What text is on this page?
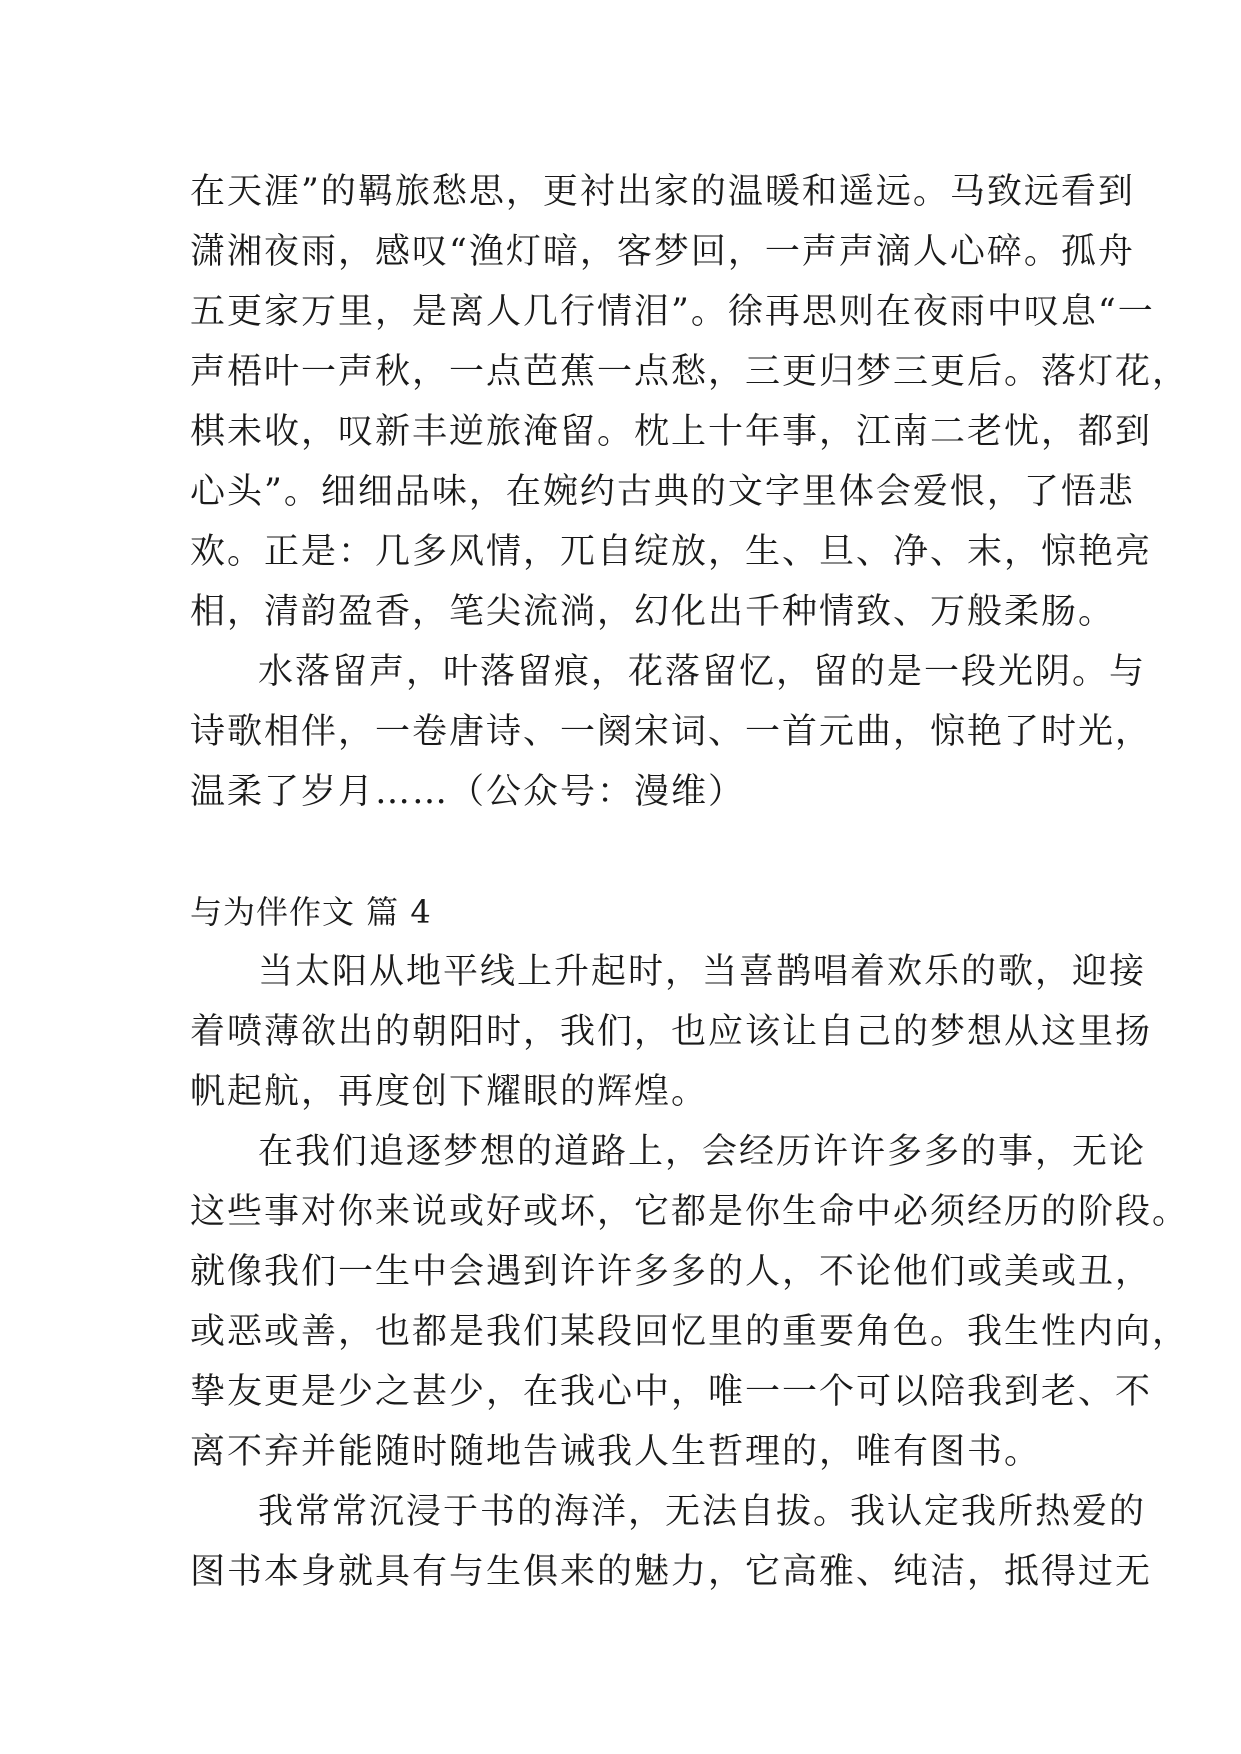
在天涯”的羁旅愁思，更衬出家的温暖和遥远。马致远看到
潇湘夜雨，感叹“渔灯暗，客梦回，一声声滴人心碎。孤舟
五更家万里，是离人几行情泪”。徐再思则在夜雨中叹息“一
声梧叶一声秋，一点芭蕉一点愁，三更归梦三更后。落灯花，
棋未收，叹新丰逆旅淹留。枕上十年事，江南二老忧，都到
心头”。细细品味，在婉约古典的文字里体会爱恨，了悟悲
欢。正是：几多风情，兀自绽放，生、旦、净、末，惊艳亮
相，清韵盈香，笔尖流淌，幻化出千种情致、万般柔肠。
水落留声，叶落留痕，花落留忆，留的是一段光阴。与
诗歌相伴，一卷唐诗、一阕宋词、一首元曲，惊艳了时光，
温柔了岁月……（公众号：漫维）
与为伴作文 篇 4
当太阳从地平线上升起时，当喜鹊唱着欢乐的歌，迎接
着喷薄欲出的朝阳时，我们，也应该让自己的梦想从这里扬
帆起航，再度创下耀眼的辉煌。
在我们追逐梦想的道路上，会经历许许多多的事，无论
这些事对你来说或好或坏，它都是你生命中必须经历的阶段。
就像我们一生中会遇到许许多多的人，不论他们或美或丑，
或恶或善，也都是我们某段回忆里的重要角色。我生性内向，
挚友更是少之甚少，在我心中，唯一一个可以陪我到老、不
离不弃并能随时随地告诫我人生哲理的，唯有图书。
我常常沉浸于书的海洋，无法自拔。我认定我所热爱的
图书本身就具有与生俱来的魅力，它高雅、纯洁，抵得过无
